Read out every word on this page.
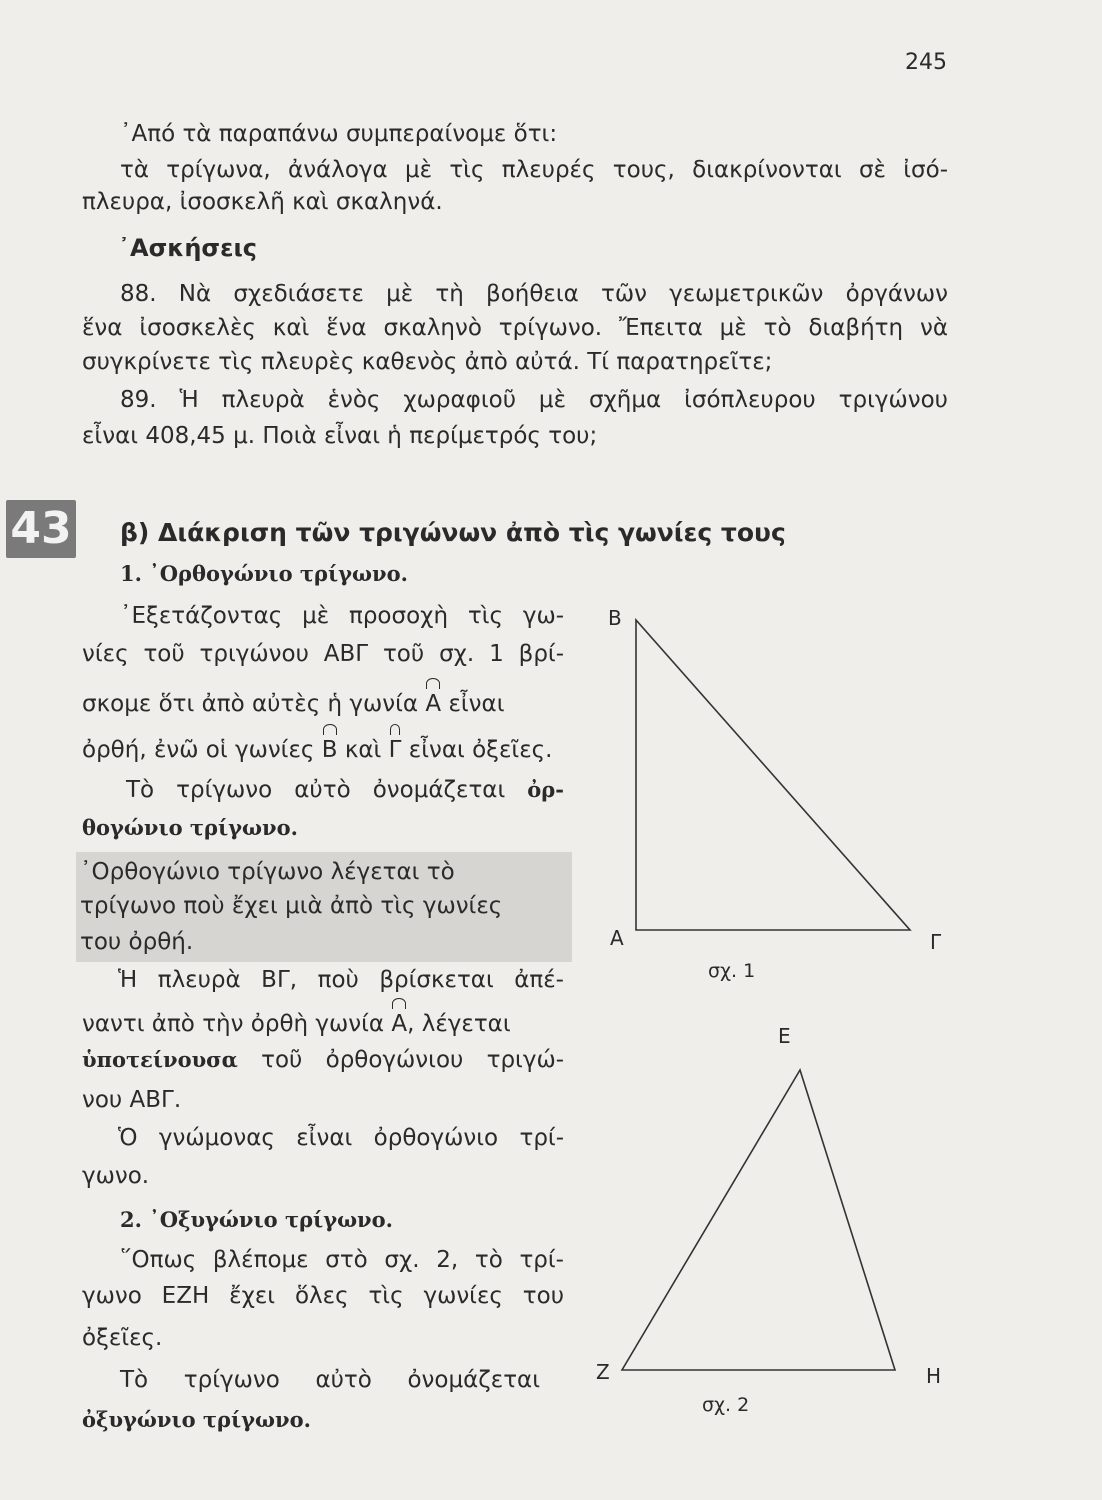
245
᾿Από τὰ παραπάνω συμπεραίνομε ὅτι:
τὰ τρίγωνα, ἀνάλογα μὲ τὶς πλευρές τους, διακρίνονται σὲ ἰσό-
πλευρα, ἰσοσκελῆ καὶ σκαληνά.
᾿Ασκήσεις
88. Νὰ σχεδιάσετε μὲ τὴ βοήθεια τῶν γεωμετρικῶν ὀργάνων
ἕνα ἰσοσκελὲς καὶ ἕνα σκαληνὸ τρίγωνο. Ἔπειτα μὲ τὸ διαβήτη νὰ
συγκρίνετε τὶς πλευρὲς καθενὸς ἀπὸ αὐτά. Τί παρατηρεῖτε;
89. Ἡ πλευρὰ ἑνὸς χωραφιοῦ μὲ σχῆμα ἰσόπλευρου τριγώνου
εἶναι 408,45 μ. Ποιὰ εἶναι ἡ περίμετρός του;
43 β) Διάκριση τῶν τριγώνων ἀπὸ τὶς γωνίες τους
1. ᾿Ορθογώνιο τρίγωνο.
᾿Εξετάζοντας μὲ προσοχὴ τὶς γω-
νίες τοῦ τριγώνου ΑΒΓ τοῦ σχ. 1 βρί-
σκομε ὅτι ἀπὸ αὐτὲς ἡ γωνία Α εἶναι
ὀρθή, ἐνῶ οἱ γωνίες Β καὶ Γ εἶναι ὀξεῖες.
Τὸ τρίγωνο αὐτὸ ὀνομάζεται ὀρ-
θογώνιο τρίγωνο.
᾿Ορθογώνιο τρίγωνο λέγεται τὸ
τρίγωνο ποὺ ἔχει μιὰ ἀπὸ τὶς γωνίες
του ὀρθή.
Ἡ πλευρὰ ΒΓ, ποὺ βρίσκεται ἀπέ-
ναντι ἀπὸ τὴν ὀρθὴ γωνία Α, λέγεται
ὑποτείνουσα τοῦ ὀρθογώνιου τριγώ-
νου ΑΒΓ.
Ὁ γνώμονας εἶναι ὀρθογώνιο τρί-
γωνο.
2. ᾿Οξυγώνιο τρίγωνο.
῞Οπως βλέπομε στὸ σχ. 2, τὸ τρί-
γωνο ΕΖΗ ἔχει ὅλες τὶς γωνίες του
ὀξεῖες.
Τὸ τρίγωνο αὐτὸ ὀνομάζεται
ὀξυγώνιο τρίγωνο.
Β
Α	Γ
σχ. 1
Ε
Ζ	Η
σχ. 2
